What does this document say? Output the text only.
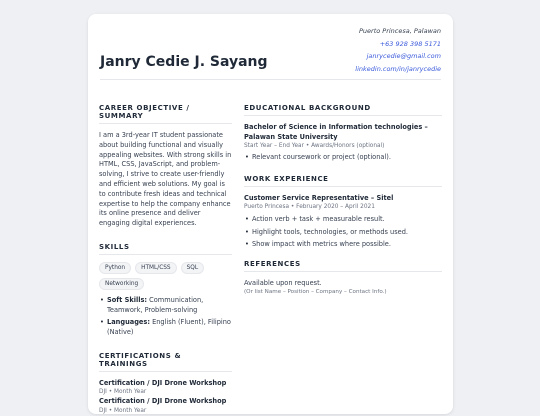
Janry Cedie J. Sayang
Puerto Princesa, Palawan
+63 928 398 5171
janrycedie@gmail.com
linkedin.com/in/janrycedie
CAREER OBJECTIVE / SUMMARY
I am a 3rd-year IT student passionate about building functional and visually appealing websites. With strong skills in HTML, CSS, JavaScript, and problem-solving, I strive to create user-friendly and efficient web solutions. My goal is to contribute fresh ideas and technical expertise to help the company enhance its online presence and deliver engaging digital experiences.
SKILLS
Python	HTML/CSS	SQL
Networking
• Soft Skills: Communication, Teamwork, Problem-solving
• Languages: English (Fluent), Filipino (Native)
CERTIFICATIONS & TRAININGS
Certification / DJI Drone Workshop
DJI • Month Year
Certification / DJI Drone Workshop
DJI • Month Year
EDUCATIONAL BACKGROUND
Bachelor of Science in Information technologies – Palawan State University
Start Year – End Year • Awards/Honors (optional)
• Relevant coursework or project (optional).
WORK EXPERIENCE
Customer Service Representative – Sitel
Puerto Princesa • February 2020 – April 2021
• Action verb + task + measurable result.
• Highlight tools, technologies, or methods used.
• Show impact with metrics where possible.
REFERENCES
Available upon request.
(Or list Name – Position – Company – Contact Info.)
